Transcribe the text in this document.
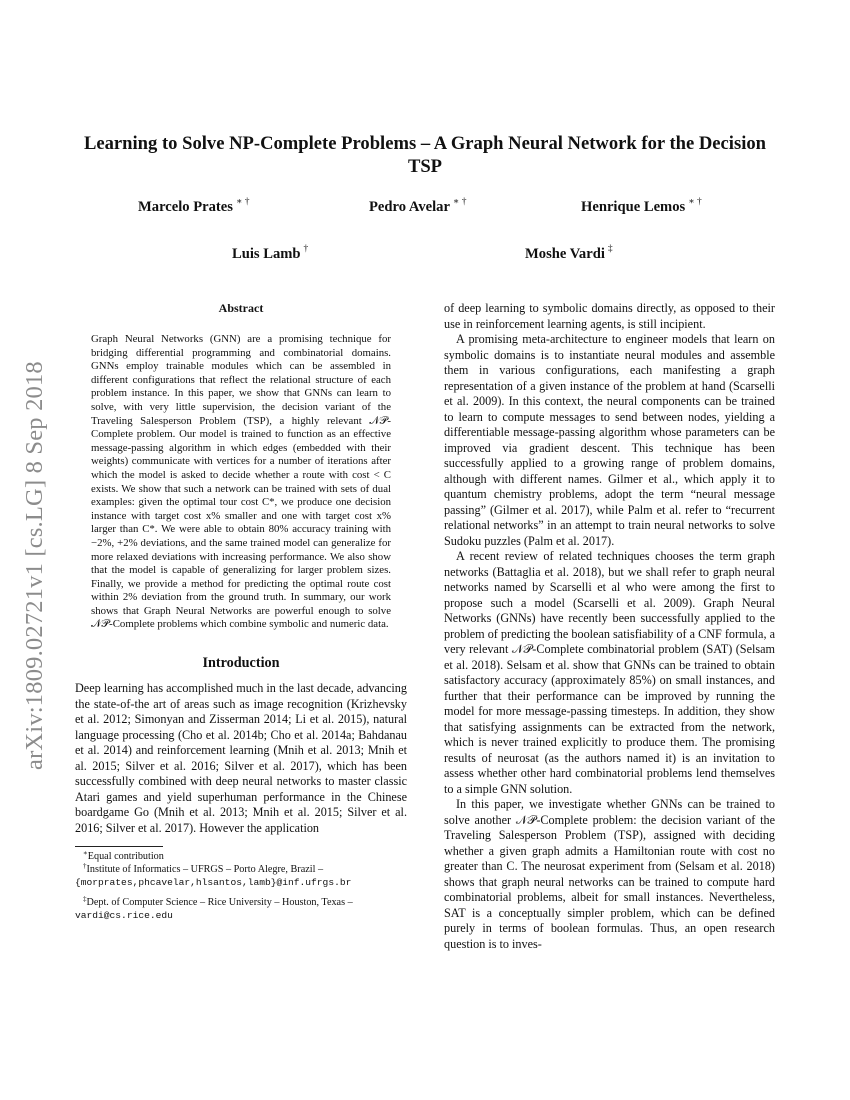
arXiv:1809.02721v1 [cs.LG] 8 Sep 2018
Learning to Solve NP-Complete Problems – A Graph Neural Network for the Decision TSP
Marcelo Prates ∗ †	Pedro Avelar ∗ †	Henrique Lemos ∗ †
Luis Lamb †	Moshe Vardi ‡

Abstract

Graph Neural Networks (GNN) are a promising technique for bridging differential programming and combinatorial domains. GNNs employ trainable modules which can be assembled in different configurations that reflect the relational structure of each problem instance. In this paper, we show that GNNs can learn to solve, with very little supervision, the decision variant of the Traveling Salesperson Problem (TSP), a highly relevant 𝒩𝒫-Complete problem. Our model is trained to function as an effective message-passing algorithm in which edges (embedded with their weights) communicate with vertices for a number of iterations after which the model is asked to decide whether a route with cost < C exists. We show that such a network can be trained with sets of dual examples: given the optimal tour cost C*, we produce one decision instance with target cost x% smaller and one with target cost x% larger than C*. We were able to obtain 80% accuracy training with −2%, +2% deviations, and the same trained model can generalize for more relaxed deviations with increasing performance. We also show that the model is capable of generalizing for larger problem sizes. Finally, we provide a method for predicting the optimal route cost within 2% deviation from the ground truth. In summary, our work shows that Graph Neural Networks are powerful enough to solve 𝒩𝒫-Complete problems which combine symbolic and numeric data.

Introduction

Deep learning has accomplished much in the last decade, advancing the state-of-the art of areas such as image recognition (Krizhevsky et al. 2012; Simonyan and Zisserman 2014; Li et al. 2015), natural language processing (Cho et al. 2014b; Cho et al. 2014a; Bahdanau et al. 2014) and reinforcement learning (Mnih et al. 2013; Mnih et al. 2015; Silver et al. 2016; Silver et al. 2017), which has been successfully combined with deep neural networks to master classic Atari games and yield superhuman performance in the Chinese boardgame Go (Mnih et al. 2013; Mnih et al. 2015; Silver et al. 2016; Silver et al. 2017). However the application

∗Equal contribution

†Institute of Informatics – UFRGS – Porto Alegre, Brazil –

{morprates,phcavelar,hlsantos,lamb}@inf.ufrgs.br

‡Dept. of Computer Science – Rice University – Houston, Texas –

vardi@cs.rice.edu

of deep learning to symbolic domains directly, as opposed to their use in reinforcement learning agents, is still incipient.

A promising meta-architecture to engineer models that learn on symbolic domains is to instantiate neural modules and assemble them in various configurations, each manifesting a graph representation of a given instance of the problem at hand (Scarselli et al. 2009). In this context, the neural components can be trained to learn to compute messages to send between nodes, yielding a differentiable message-passing algorithm whose parameters can be improved via gradient descent. This technique has been successfully applied to a growing range of problem domains, although with different names. Gilmer et al., which apply it to quantum chemistry problems, adopt the term “neural message passing” (Gilmer et al. 2017), while Palm et al. refer to “recurrent relational networks” in an attempt to train neural networks to solve Sudoku puzzles (Palm et al. 2017).

A recent review of related techniques chooses the term graph networks (Battaglia et al. 2018), but we shall refer to graph neural networks named by Scarselli et al who were among the first to propose such a model (Scarselli et al. 2009). Graph Neural Networks (GNNs) have recently been successfully applied to the problem of predicting the boolean satisfiability of a CNF formula, a very relevant 𝒩𝒫-Complete combinatorial problem (SAT) (Selsam et al. 2018). Selsam et al. show that GNNs can be trained to obtain satisfactory accuracy (approximately 85%) on small instances, and further that their performance can be improved by running the model for more message-passing timesteps. In addition, they show that satisfying assignments can be extracted from the network, which is never trained explicitly to produce them. The promising results of neurosat (as the authors named it) is an invitation to assess whether other hard combinatorial problems lend themselves to a simple GNN solution.

In this paper, we investigate whether GNNs can be trained to solve another 𝒩𝒫-Complete problem: the decision variant of the Traveling Salesperson Problem (TSP), assigned with deciding whether a given graph admits a Hamiltonian route with cost no greater than C. The neurosat experiment from (Selsam et al. 2018) shows that graph neural networks can be trained to compute hard combinatorial problems, albeit for small instances. Nevertheless, SAT is a conceptually simpler problem, which can be defined purely in terms of boolean formulas. Thus, an open research question is to inves-
